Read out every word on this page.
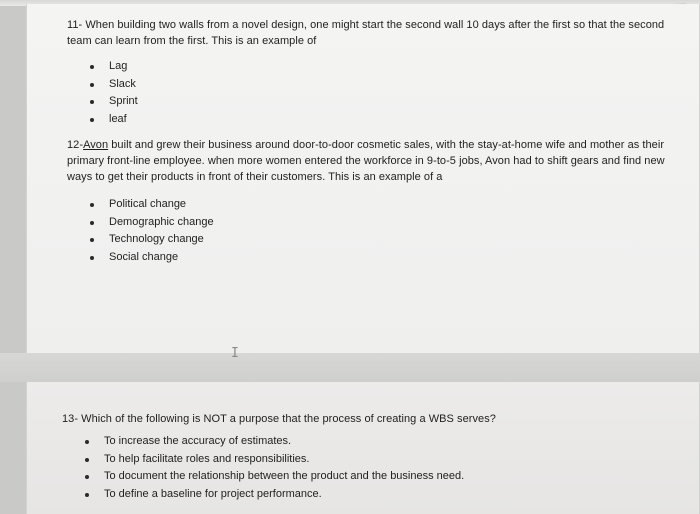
11- When building two walls from a novel design, one might start the second wall 10 days after the first so that the second team can learn from the first. This is an example of
Lag
Slack
Sprint
leaf
12-Avon built and grew their business around door-to-door cosmetic sales, with the stay-at-home wife and mother as their primary front-line employee. when more women entered the workforce in 9-to-5 jobs, Avon had to shift gears and find new ways to get their products in front of their customers. This is an example of a
Political change
Demographic change
Technology change
Social change
I
13- Which of the following is NOT a purpose that the process of creating a WBS serves?
To increase the accuracy of estimates.
To help facilitate roles and responsibilities.
To document the relationship between the product and the business need.
To define a baseline for project performance.
